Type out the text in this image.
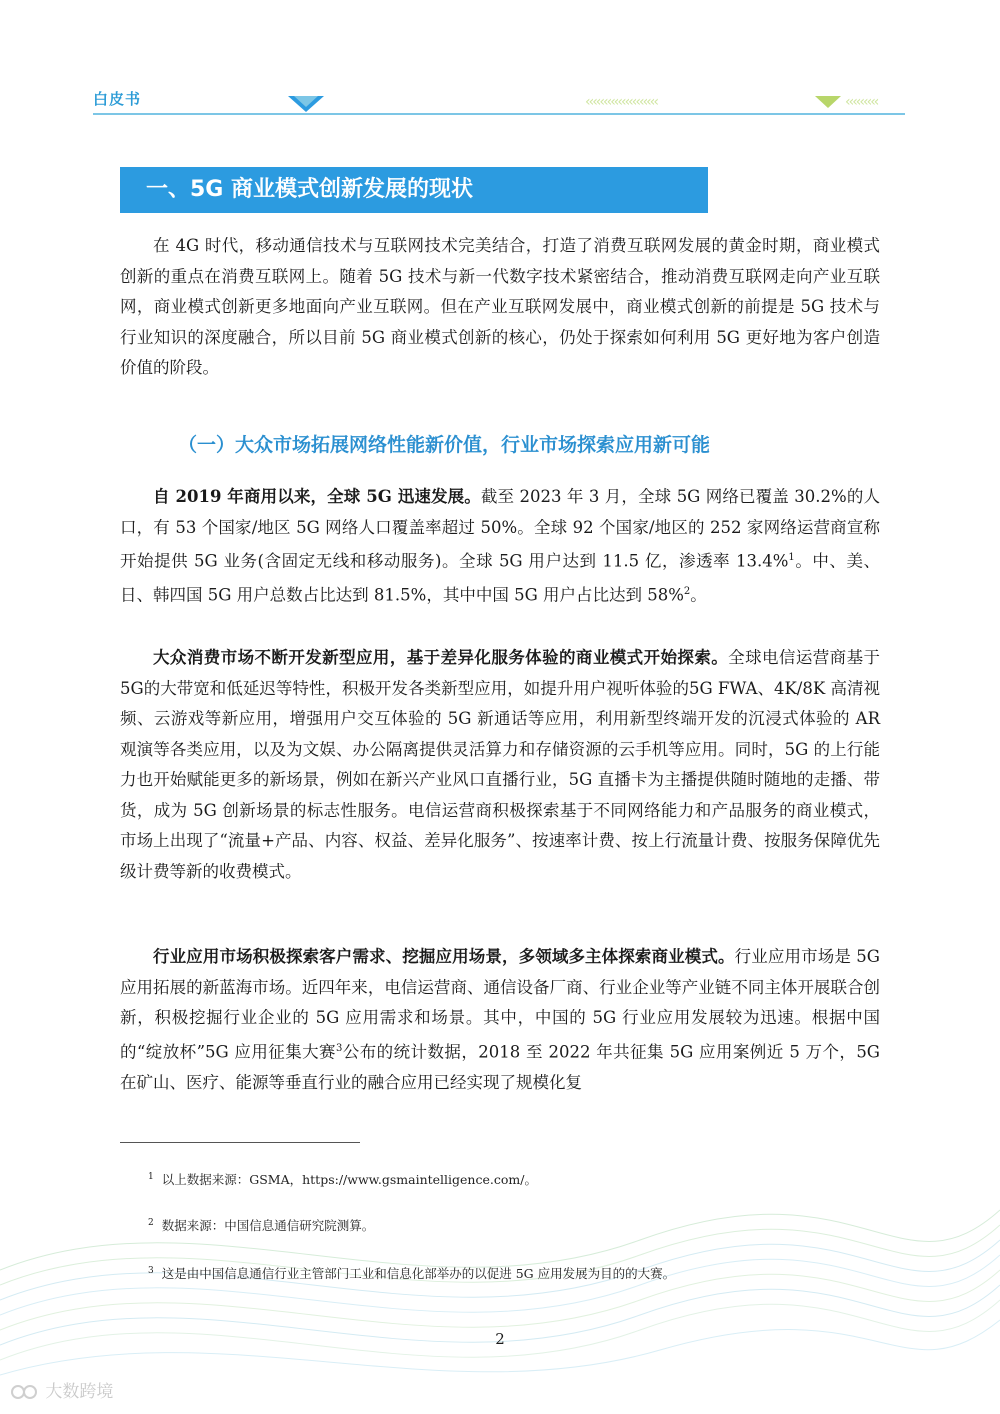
白皮书	‹‹‹‹‹‹‹‹‹‹‹‹‹‹‹‹‹‹‹‹	‹‹‹‹‹‹‹‹‹
一、5G 商业模式创新发展的现状

在 4G 时代，移动通信技术与互联网技术完美结合，打造了消费互联网发展的黄金时期，商业模式创新的重点在消费互联网上。随着 5G 技术与新一代数字技术紧密结合，推动消费互联网走向产业互联网，商业模式创新更多地面向产业互联网。但在产业互联网发展中，商业模式创新的前提是 5G 技术与行业知识的深度融合，所以目前 5G 商业模式创新的核心，仍处于探索如何利用 5G 更好地为客户创造价值的阶段。

（一）大众市场拓展网络性能新价值，行业市场探索应用新可能

自 2019 年商用以来，全球 5G 迅速发展。截至 2023 年 3 月，全球 5G 网络已覆盖 30.2%的人口，有 53 个国家/地区 5G 网络人口覆盖率超过 50%。全球 92 个国家/地区的 252 家网络运营商宣称开始提供 5G 业务(含固定无线和移动服务)。全球 5G 用户达到 11.5 亿，渗透率 13.4%$^1$。中、美、日、韩四国 5G 用户总数占比达到 81.5%，其中中国 5G 用户占比达到 58%$^2$。

大众消费市场不断开发新型应用，基于差异化服务体验的商业模式开始探索。全球电信运营商基于5G的大带宽和低延迟等特性，积极开发各类新型应用，如提升用户视听体验的5G FWA、4K/8K 高清视频、云游戏等新应用，增强用户交互体验的 5G 新通话等应用，利用新型终端开发的沉浸式体验的 AR 观演等各类应用，以及为文娱、办公隔离提供灵活算力和存储资源的云手机等应用。同时，5G 的上行能力也开始赋能更多的新场景，例如在新兴产业风口直播行业，5G 直播卡为主播提供随时随地的走播、带货，成为 5G 创新场景的标志性服务。电信运营商积极探索基于不同网络能力和产品服务的商业模式，市场上出现了“流量+产品、内容、权益、差异化服务”、按速率计费、按上行流量计费、按服务保障优先级计费等新的收费模式。

行业应用市场积极探索客户需求、挖掘应用场景，多领域多主体探索商业模式。行业应用市场是 5G 应用拓展的新蓝海市场。近四年来，电信运营商、通信设备厂商、行业企业等产业链不同主体开展联合创新，积极挖掘行业企业的 5G 应用需求和场景。其中，中国的 5G 行业应用发展较为迅速。根据中国的“绽放杯”5G 应用征集大赛$^3$公布的统计数据，2018 至 2022 年共征集 5G 应用案例近 5 万个，5G 在矿山、医疗、能源等垂直行业的融合应用已经实现了规模化复

$^1$ 以上数据来源：GSMA，https://www.gsmaintelligence.com/。
$^2$ 数据来源：中国信息通信研究院测算。
$^3$ 这是由中国信息通信行业主管部门工业和信息化部举办的以促进 5G 应用发展为目的的大赛。
2
大数跨境
